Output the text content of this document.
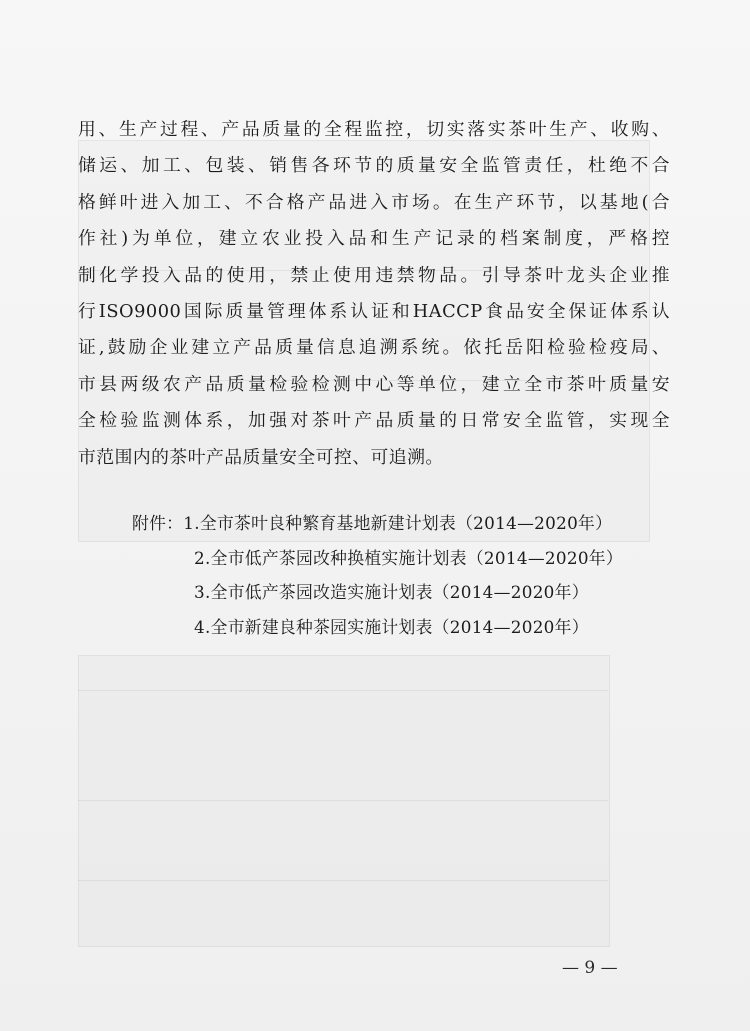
用、生产过程、产品质量的全程监控，切实落实茶叶生产、收购、
储运、加工、包装、销售各环节的质量安全监管责任，杜绝不合
格鲜叶进入加工、不合格产品进入市场。在生产环节，以基地(合
作社)为单位，建立农业投入品和生产记录的档案制度，严格控
制化学投入品的使用，禁止使用违禁物品。引导茶叶龙头企业推
行ISO9000国际质量管理体系认证和HACCP食品安全保证体系认
证,鼓励企业建立产品质量信息追溯系统。依托岳阳检验检疫局、
市县两级农产品质量检验检测中心等单位，建立全市茶叶质量安
全检验监测体系，加强对茶叶产品质量的日常安全监管，实现全
市范围内的茶叶产品质量安全可控、可追溯。
附件：1.全市茶叶良种繁育基地新建计划表（2014—2020年）
2.全市低产茶园改种换植实施计划表（2014—2020年）
3.全市低产茶园改造实施计划表（2014—2020年）
4.全市新建良种茶园实施计划表（2014—2020年）
— 9 —
